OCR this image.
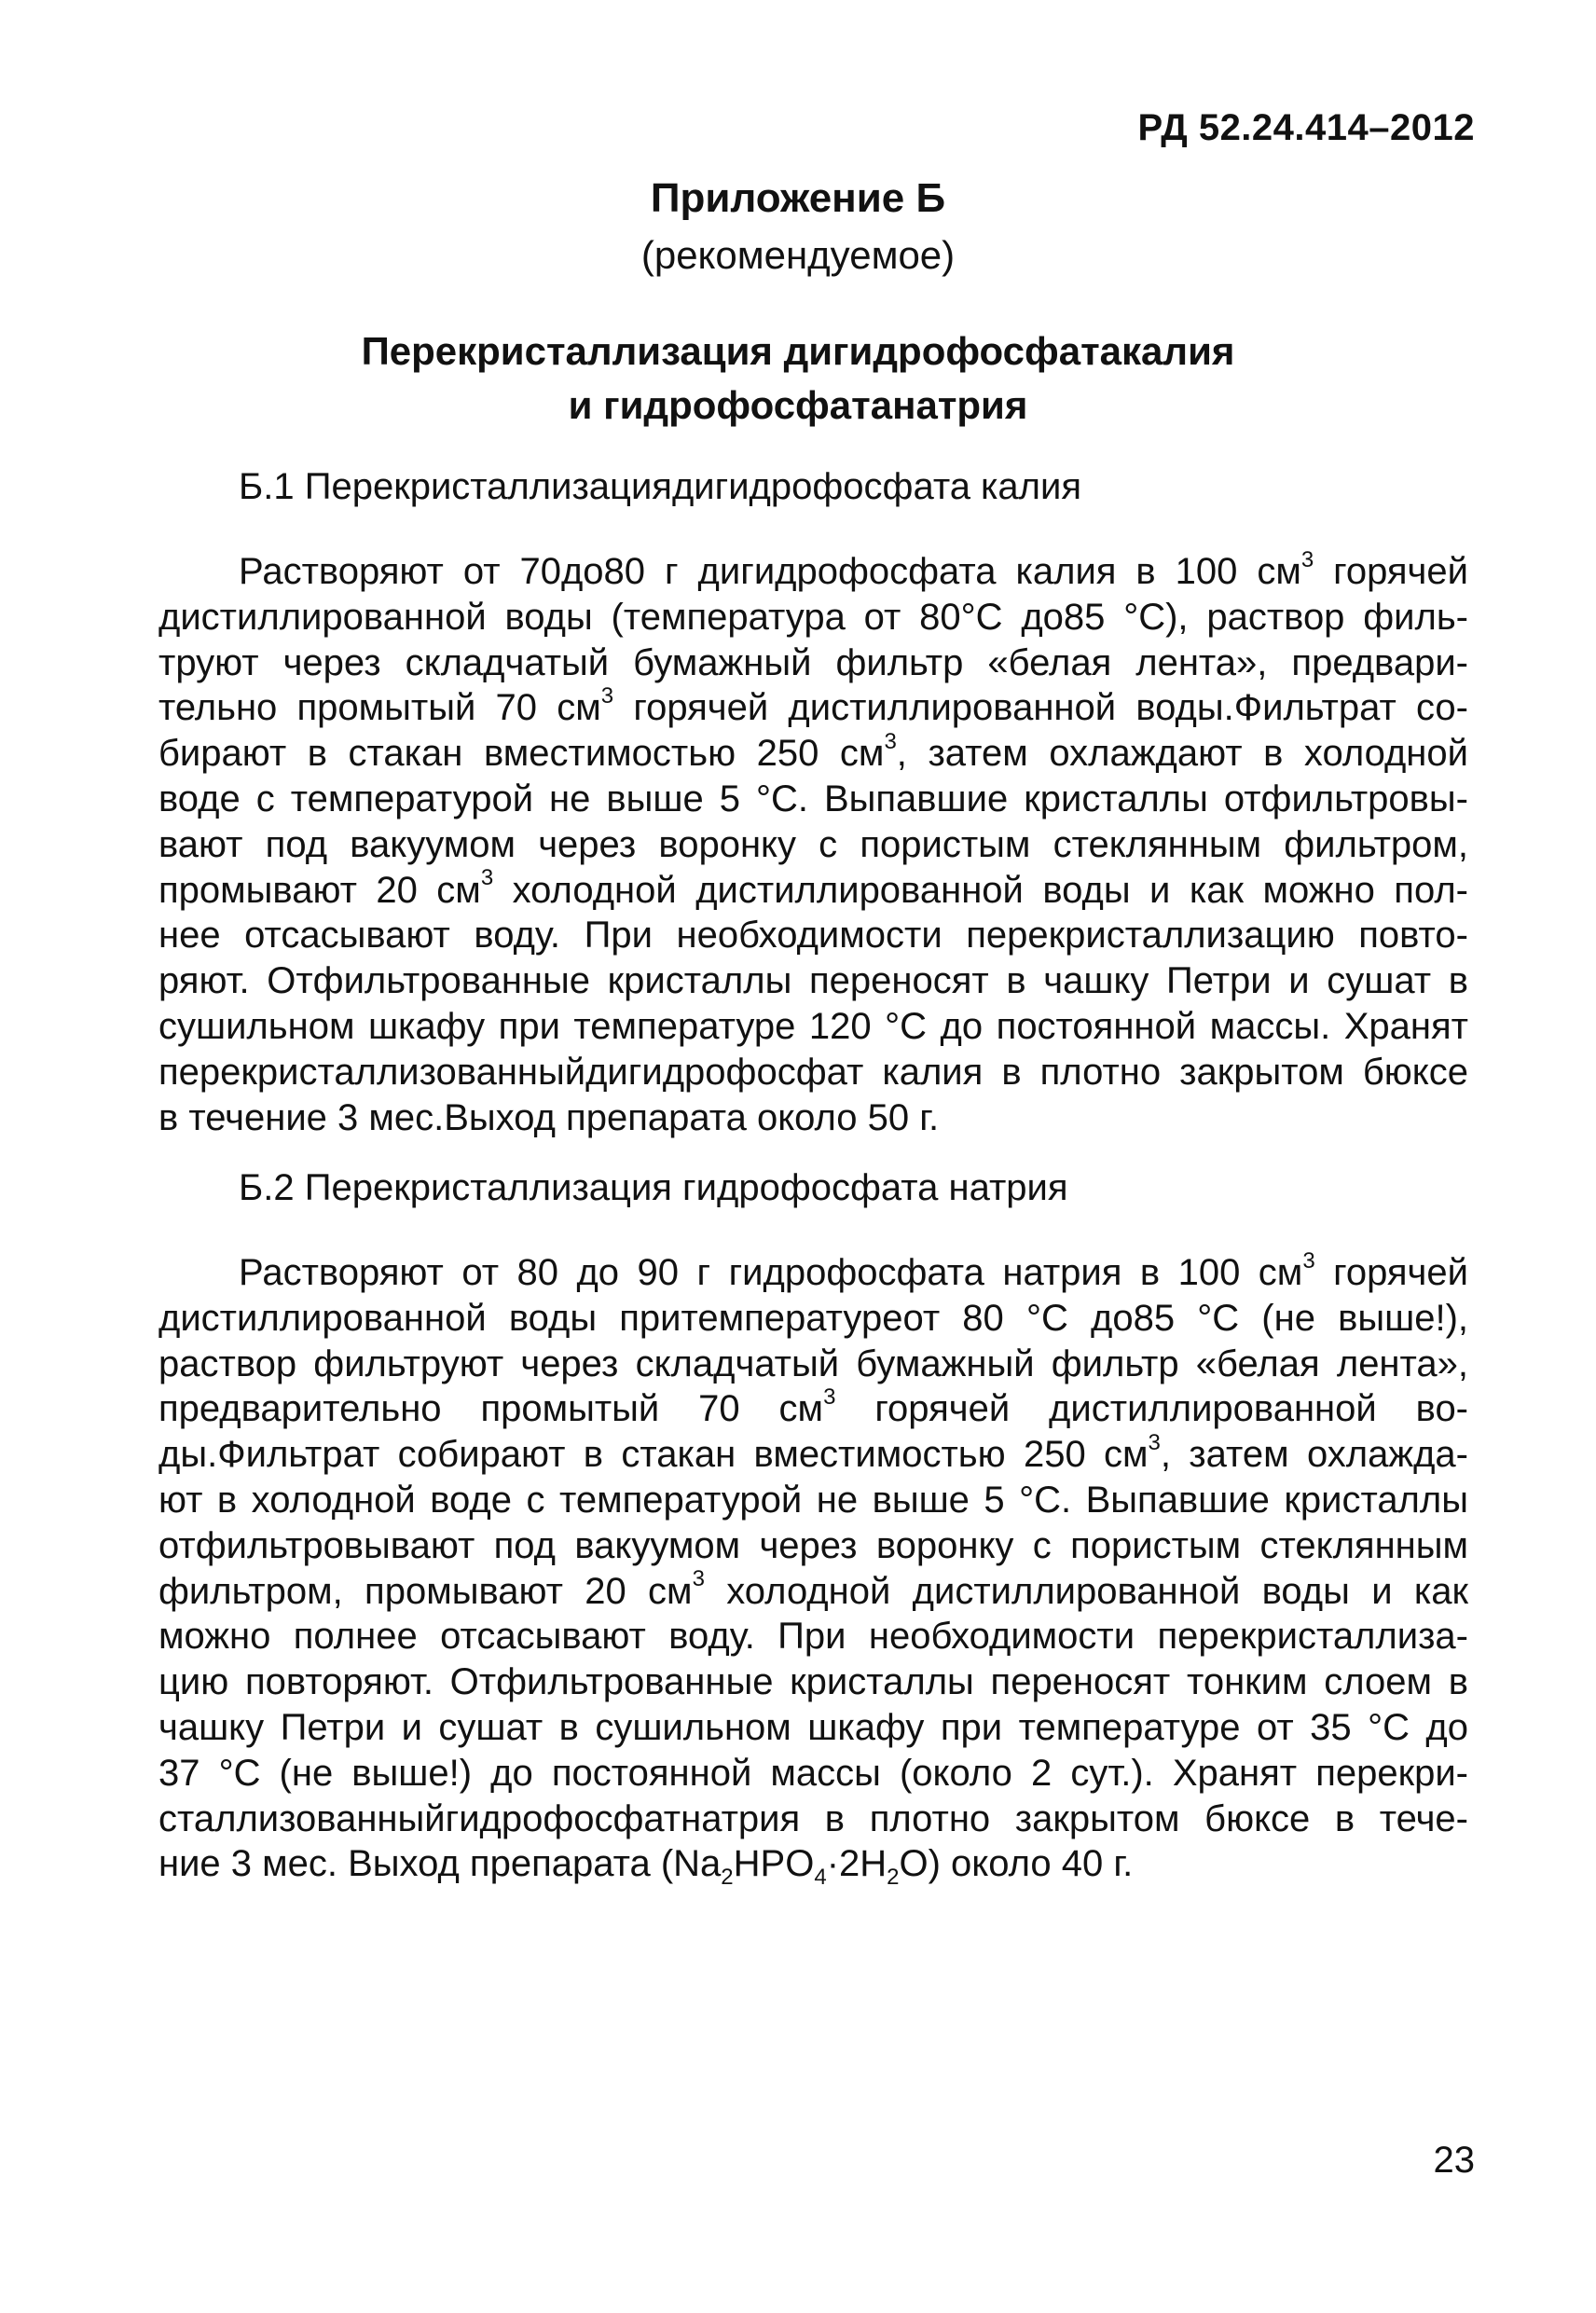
РД 52.24.414–2012
Приложение Б
(рекомендуемое)
Перекристаллизация дигидрофосфатакалия
и гидрофосфатанатрия
Б.1 Перекристаллизациядигидрофосфата калия
Растворяют от 70до80 г дигидрофосфата калия в 100 $см^3$ горячей
дистиллированной воды (температура от 80°С до85 °С), раствор филь-
труют через складчатый бумажный фильтр «белая лента», предвари-
тельно промытый 70 $см^3$ горячей дистиллированной воды.Фильтрат со-
бирают в стакан вместимостью 250 $см^3$, затем охлаждают в холодной
воде с температурой не выше 5 °С. Выпавшие кристаллы отфильтровы-
вают под вакуумом через воронку с пористым стеклянным фильтром,
промывают 20 $см^3$ холодной дистиллированной воды и как можно пол-
нее отсасывают воду. При необходимости перекристаллизацию повто-
ряют. Отфильтрованные кристаллы переносят в чашку Петри и сушат в
сушильном шкафу при температуре 120 °С до постоянной массы. Хранят
перекристаллизованныйдигидрофосфат калия в плотно закрытом бюксе
в течение 3 мес.Выход препарата около 50 г.
Б.2 Перекристаллизация гидрофосфата натрия
Растворяют от 80 до 90 г гидрофосфата натрия в 100 $см^3$ горячей
дистиллированной воды притемпературеот 80 °С до85 °С (не выше!),
раствор фильтруют через складчатый бумажный фильтр «белая лента»,
предварительно промытый 70 $см^3$ горячей дистиллированной во-
ды.Фильтрат собирают в стакан вместимостью 250 $см^3$, затем охлажда-
ют в холодной воде с температурой не выше 5 °С. Выпавшие кристаллы
отфильтровывают под вакуумом через воронку с пористым стеклянным
фильтром, промывают 20 $см^3$ холодной дистиллированной воды и как
можно полнее отсасывают воду. При необходимости перекристаллиза-
цию повторяют. Отфильтрованные кристаллы переносят тонким слоем в
чашку Петри и сушат в сушильном шкафу при температуре от 35 °С до
37 °С (не выше!) до постоянной массы (около 2 сут.). Хранят перекри-
сталлизованныйгидрофосфатнатрия в плотно закрытом бюксе в тече-
ние 3 мес. Выход препарата $(Na_2HPO_4\cdot 2H_2O)$ около 40 г.
23
